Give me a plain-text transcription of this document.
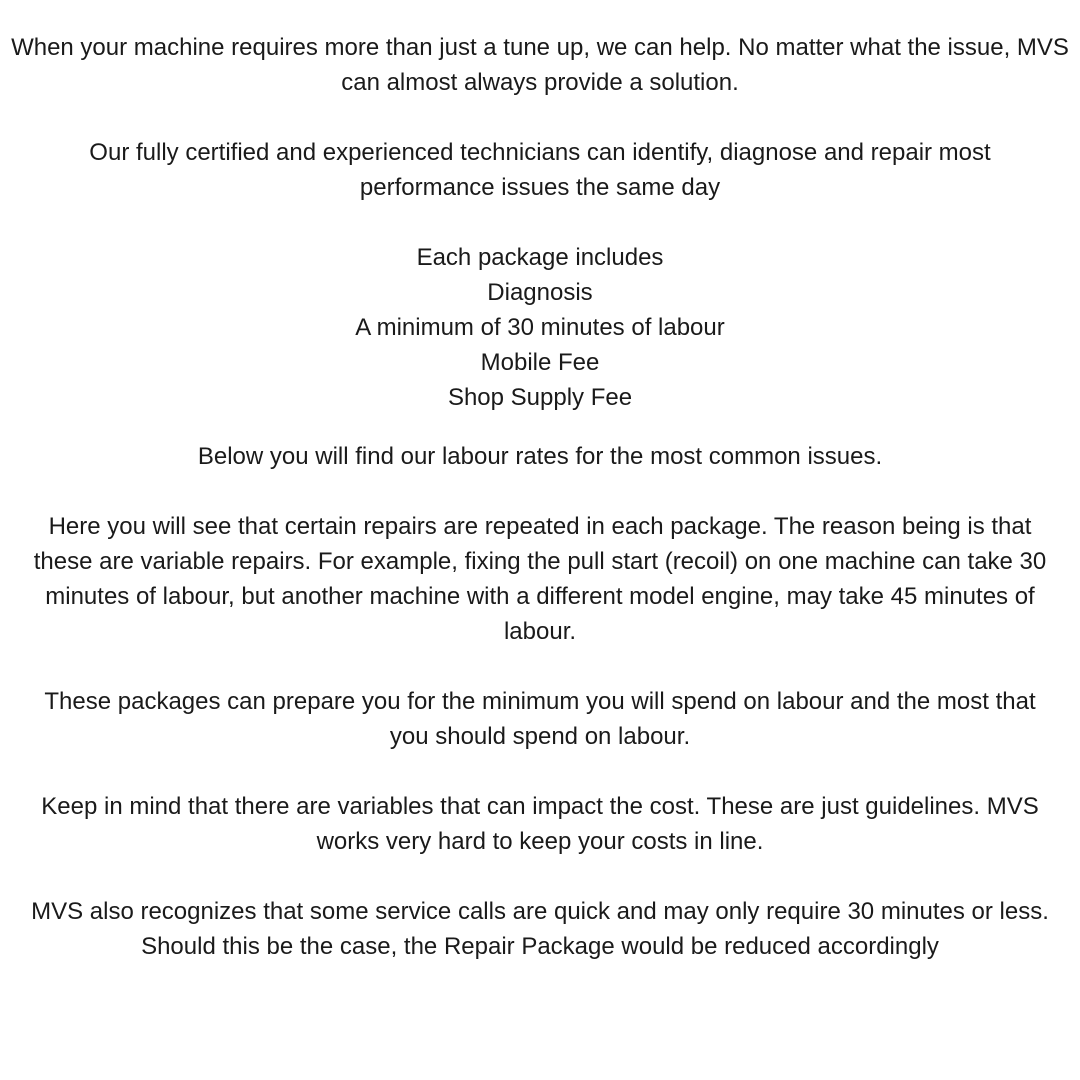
When your machine requires more than just a tune up, we can help. No matter what the issue, MVS can almost always provide a solution.

Our fully certified and experienced technicians can identify, diagnose and repair most performance issues the same day

Each package includes

Diagnosis

A minimum of 30 minutes of labour

Mobile Fee

Shop Supply Fee

Below you will find our labour rates for the most common issues.

Here you will see that certain repairs are repeated in each package. The reason being is that these are variable repairs. For example, fixing the pull start (recoil) on one machine can take 30 minutes of labour, but another machine with a different model engine, may take 45 minutes of labour.

These packages can prepare you for the minimum you will spend on labour and the most that you should spend on labour.

Keep in mind that there are variables that can impact the cost. These are just guidelines. MVS works very hard to keep your costs in line.

MVS also recognizes that some service calls are quick and may only require 30 minutes or less. Should this be the case, the Repair Package would be reduced accordingly
